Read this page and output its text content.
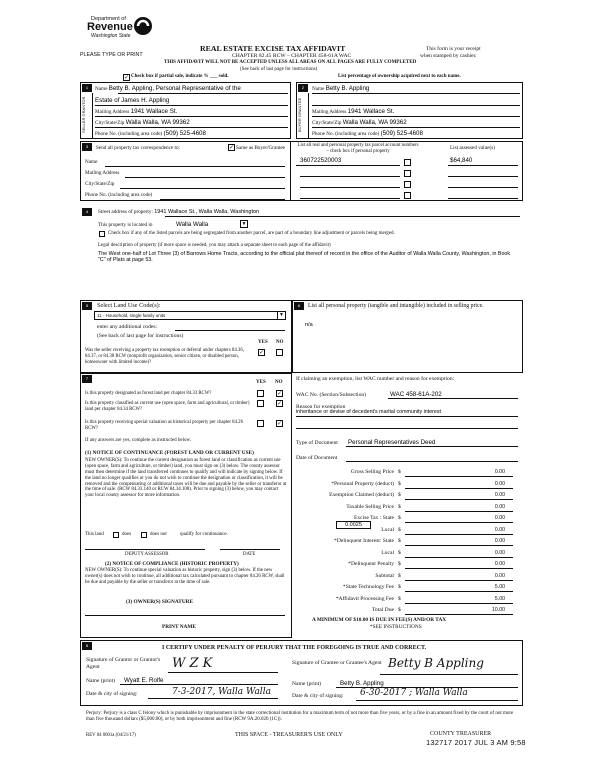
Department of
Revenue
Washington State
PLEASE TYPE OR PRINT
REAL ESTATE EXCISE TAX AFFIDAVIT
CHAPTER 82.45 RCW – CHAPTER 458-61A WAC
THIS AFFIDAVIT WILL NOT BE ACCEPTED UNLESS ALL AREAS ON ALL PAGES ARE FULLY COMPLETED
(See back of last page for instructions)
This form is your receipt
when stamped by cashier.
✓ Check box if partial sale, indicate % ___ sold.	List percentage of ownership acquired next to each name.
1
SELLER GRANTOR
Name Betty B. Appling, Personal Representative of the
Estate of James H. Appling
Mailing Address 1941 Wallace St.
City/State/Zip Walla Walla, WA 99362
Phone No. (including area code) (509) 525-4608
2
BUYER GRANTEE
Name Betty B. Appling
Mailing Address 1941 Wallace St.
City/State/Zip Walla Walla, WA 99362
Phone No. (including area code) (509) 525-4608
3	Send all property tax correspondence to:	✓ Same as Buyer/Grantee
Name
Mailing Address
City/State/Zip
Phone No. (including area code)
List all real and personal property tax parcel account numbers – check box if personal property
List assessed value(s)
360722520003	$64,840
4	Street address of property: 1941 Wallace St., Walla Walla, Washington
This property is located in	Walla Walla	▼
Check box if any of the listed parcels are being segregated from another parcel, are part of a boundary line adjustment or parcels being merged.
Legal description of property (if more space is needed, you may attach a separate sheet to each page of the affidavit)
The West one-half of Lot Three (3) of Barrows Home Tracts, according to the official plat thereof of record in the office of the Auditor of Walla Walla County, Washington, in Book "C" of Plats at page 53.
5	Select Land Use Code(s):
11 - Household, single family units	▼
enter any additional codes:
(See back of last page for instructions)
YES NO
Was the seller receiving a property tax exemption or deferral under chapters 84.36, 84.37, or 84.38 RCW (nonprofit organization, senior citizen, or disabled person, homeowner with limited income)?
✓
6	List all personal property (tangible and intangible) included in selling price.
n/a
7
YES NO
Is this property designated as forest land per chapter 84.33 RCW?	✓
Is this property classified as current use (open space, farm and agricultural, or timber) land per chapter 84.34 RCW?
✓
Is this property receiving special valuation as historical property per chapter 84.26 RCW?
✓
If any answers are yes, complete as instructed below.
(1) NOTICE OF CONTINUANCE (FOREST LAND OR CURRENT USE)
NEW OWNER(S): To continue the current designation as forest land or classification as current use (open space, farm and agriculture, or timber) land, you must sign on (3) below. The county assessor must then determine if the land transferred continues to qualify and will indicate by signing below. If the land no longer qualifies or you do not wish to continue the designation or classification, it will be removed and the compensating or additional taxes will be due and payable by the seller or transferor at the time of sale. (RCW 84.33.140 or RCW 84.34.108). Prior to signing (3) below, you may contact your local county assessor for more information.
This land	does	does not	qualify for continuance.
DEPUTY ASSESSOR	DATE
(2) NOTICE OF COMPLIANCE (HISTORIC PROPERTY)
NEW OWNER(S): To continue special valuation as historic property, sign (3) below. If the new owner(s) does not wish to continue, all additional tax calculated pursuant to chapter 84.26 RCW, shall be due and payable by the seller or transferor at the time of sale.
(3) OWNER(S) SIGNATURE
PRINT NAME
If claiming an exemption, list WAC number and reason for exemption:
WAC No. (Section/Subsection)	WAC 458-61A-202
Reason for exemption
inheritance or devise of decedent's marital community interest
Type of Document Personal Representatives Deed
Date of Document
Gross Selling Price $	0.00
*Personal Property (deduct) $	0.00
Exemption Claimed (deduct) $	0.00
Taxable Selling Price $	0.00
Excise Tax : State $	0.00
Local $	0.00
*Delinquent Interest: State $	0.00
Local $	0.00
*Delinquent Penalty $	0.00
Subtotal $	0.00
*State Technology Fee $	5.00
*Affidavit Processing Fee $	5.00
Total Due $	10.00
0.0025
A MINIMUM OF $10.00 IS DUE IN FEE(S) AND/OR TAX
*SEE INSTRUCTIONS
8	I CERTIFY UNDER PENALTY OF PERJURY THAT THE FOREGOING IS TRUE AND CORRECT.
Signature of Grantor or Grantor's Agent	W Z K
Name (print) Wyatt E. Rolfe
Date & city of signing:	7-3-2017, Walla Walla
Signature of Grantee or Grantee's Agent Betty B Appling
Name (print)	Betty B. Appling
Date & city of signing: 6-30-2017 ; Walla Walla
Perjury: Perjury is a class C felony which is punishable by imprisonment in the state correctional institution for a maximum term of not more than five years, or by a fine in an amount fixed by the court of not more than five thousand dollars ($5,000.00), or by both imprisonment and fine (RCW 9A.20.020 (1C)).
REV 84 0001a (04/21/17)	THIS SPACE - TREASURER'S USE ONLY	COUNTY TREASURER
132717 2017 JUL 3 AM 9:58
